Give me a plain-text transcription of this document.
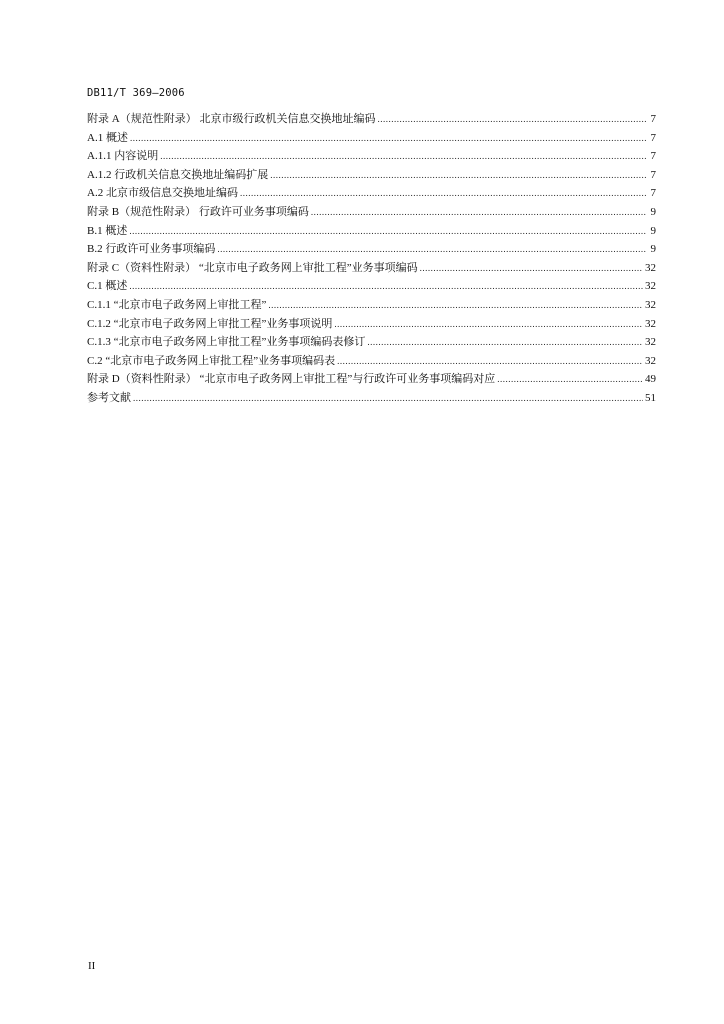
DB11/T 369—2006
附录 A（规范性附录） 北京市级行政机关信息交换地址编码 .....	7
A.1 概述 .....	7
A.1.1 内容说明 .....	7
A.1.2 行政机关信息交换地址编码扩展 .....	7
A.2 北京市级信息交换地址编码 .....	7
附录 B（规范性附录） 行政许可业务事项编码 .....	9
B.1 概述 .....	9
B.2 行政许可业务事项编码 .....	9
附录 C（资料性附录） “北京市电子政务网上审批工程”业务事项编码 .....	32
C.1 概述 .....	32
C.1.1 “北京市电子政务网上审批工程” .....	32
C.1.2 “北京市电子政务网上审批工程”业务事项说明 .....	32
C.1.3 “北京市电子政务网上审批工程”业务事项编码表修订 .....	32
C.2 “北京市电子政务网上审批工程”业务事项编码表 .....	32
附录 D（资料性附录） “北京市电子政务网上审批工程”与行政许可业务事项编码对应 .....	49
参考文献 .....	51
II
